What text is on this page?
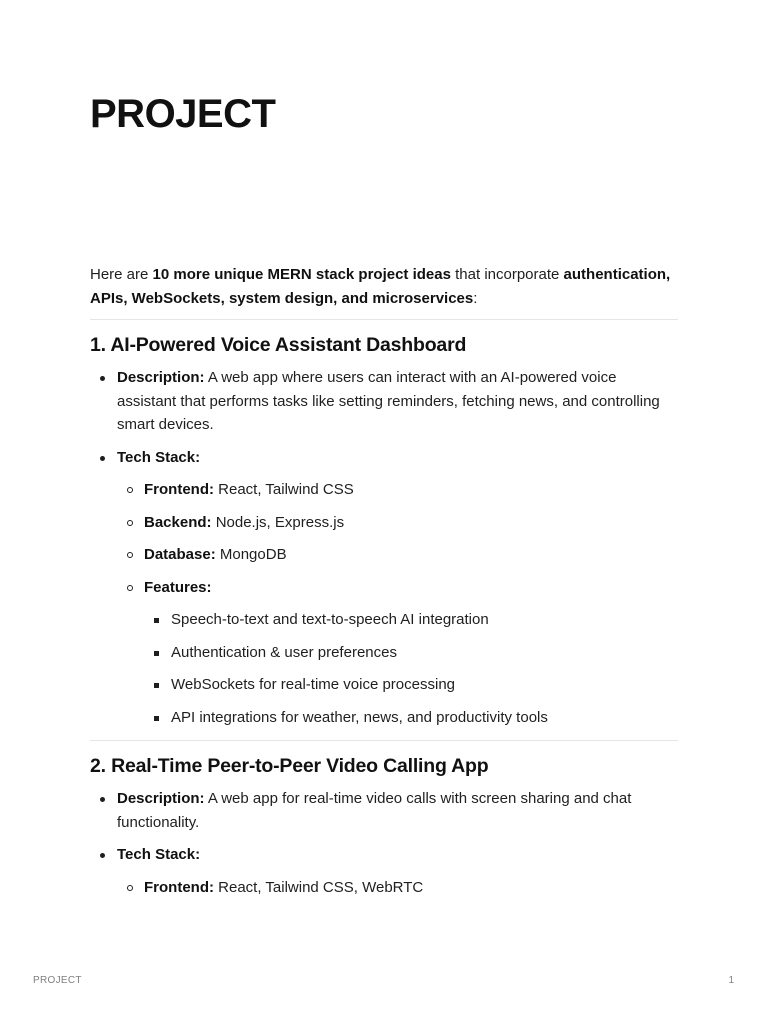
PROJECT

Here are 10 more unique MERN stack project ideas that incorporate authentication, APIs, WebSockets, system design, and microservices:

1. AI-Powered Voice Assistant Dashboard
Description: A web app where users can interact with an AI-powered voice assistant that performs tasks like setting reminders, fetching news, and controlling smart devices.
Tech Stack:
Frontend: React, Tailwind CSS
Backend: Node.js, Express.js
Database: MongoDB
Features:
Speech-to-text and text-to-speech AI integration
Authentication & user preferences
WebSockets for real-time voice processing
API integrations for weather, news, and productivity tools
2. Real-Time Peer-to-Peer Video Calling App
Description: A web app for real-time video calls with screen sharing and chat functionality.
Tech Stack:
Frontend: React, Tailwind CSS, WebRTC
PROJECT	1
